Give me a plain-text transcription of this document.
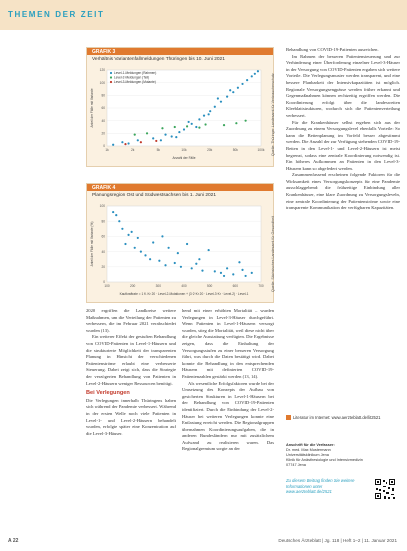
THEMEN DER ZEIT
GRAFIK 3
Verhältnis Variantenfallmeldungen Thüringen bis 10. Juni 2021
0
20
40
60
80
100
120
1k	2k	5k	10k	20k	50k	100k
Anteil der Fälle mit Variante
Anzahl der Fälle
Level-1-Meldungen (Rahmen)
Level-2-Meldungen (Teil)
Level-3-Meldungen (Mutante)	Quelle: Thüringer Landesamt für Verbraucherschutz
GRAFIK 4
Planungsregion Ost und Südwestsachsen bis 1. Juni 2021
0
20
40
60
80
100
100	200	300	400	500	600	700
Anteil der Fälle mit Variante (%)
Kaufkraftrate = 1 fl. Kr 20 · Level-2-Mutationen + (3·2·Kr 20 · Level-3·Kr · Level-2) · Level-1
Quelle: Sächsisches Landesamt für Gesundheit

2020 ergriffen die Landkreise weitere Maßnahmen, um die Verteilung der Patienten zu verbessern, die im Februar 2021 verabschiedet wurden (13).

Ein weiterer Effekt der gestuften Behandlung von COVID-Patienten in Level-1-Häusern und die strukturierte Möglichkeit der transparenten Planung in Hinsicht der verschiedenen Patientenströme erlaubt eine verbesserte Steuerung. Dabei zeigt sich, dass die Strategie der verzögerten Behandlung von Patienten in Level-2-Häusern weniger Ressourcen benötigt.

Bei Verlegungen

Die Verlegungen innerhalb Thüringens haben sich während der Pandemie verbessert. Während in der ersten Welle noch viele Patienten in Level-1- und Level-2-Häusern behandelt wurden, erfolgte später eine Konzentration auf die Level-3-Häuser.

hend mit einer erhöhten Mortalität – wurden Verlegungen in Level-3-Häuser durchgeführt. Wenn Patienten in Level-1-Häusern versorgt wurden, stieg die Mortalität, weil diese nicht über die gleiche Ausstattung verfügten. Die Ergebnisse zeigen, dass die Einhaltung der Versorgungsstufen zu einer besseren Versorgung führt, was durch die Daten bestätigt wird. Dabei konnte die Behandlung in den entsprechenden Häusern mit definierten COVID-19-Patientenzahlen gestärkt werden (13, 14).

Als wesentliche Erfolgsfaktoren wurde bei der Umsetzung des Konzepts der Aufbau von gesicherten Strukturen in Level-1-Häusern bei der Behandlung von COVID-19-Patienten identifiziert. Durch die Einbindung der Level-2-Häuser bei weiteren Verlegungen konnte eine Entlastung erreicht werden. Die Regionalgruppen übernahmen Koordinierungsaufgaben, die in anderen Bundesländern nur mit zusätzlichem Aufwand zu realisieren waren. Das Regionalgremium sorgte an der

Behandlung von COVID-19-Patienten ausreichen.

Im Rahmen der besseren Patientensteuerung und zur Verhinderung einer Überforderung einzelner Level-3-Häuser in der Versorgung von COVID-Patienten ergaben sich weitere Vorteile. Die Verlegungsmuster werden transparent, und eine bessere Planbarkeit der Intensivkapazitäten ist möglich. Regionale Versorgungsengpässe werden früher erkannt und Gegenmaßnahmen können rechtzeitig ergriffen werden. Die Koordinierung erfolgt über die landesweiten Kleeblattstrukturen, wodurch sich die Patientenverteilung verbessert.

Für die Krankenhäuser selbst ergeben sich aus der Zuordnung zu einem Versorgungslevel ebenfalls Vorteile: So kann die Bettenplanung im Vorfeld besser abgestimmt werden. Die Anzahl der zur Verfügung stehenden COVID-19-Betten in den Level-1- und Level-2-Häusern ist meist begrenzt, sodass eine zentrale Koordinierung notwendig ist. Ein höheres Aufkommen an Patienten in den Level-3-Häusern kann so abgefedert werden.

Zusammenfassend erscheinen folgende Faktoren für die Wirksamkeit eines Versorgungskonzepts für eine Pandemie ausschlaggebend: die frühzeitige Einbindung aller Krankenhäuser, eine klare Zuordnung zu Versorgungsleveln, eine zentrale Koordinierung der Patientenströme sowie eine transparente Kommunikation der verfügbaren Kapazitäten.

Literatur im Internet: www.aerzteblatt.de/lit2521
Anschrift für die Verfasser:
Dr. med. Max Mustermann
Universitätsklinikum Jena
Klinik für Anästhesiologie und Intensivmedizin
07747 Jena
Zu diesem Beitrag finden Sie weitere Informationen unter www.aerzteblatt.de/2521
A 22	Deutsches Ärzteblatt | Jg. 118 | Heft 1–2 | 11. Januar 2021
